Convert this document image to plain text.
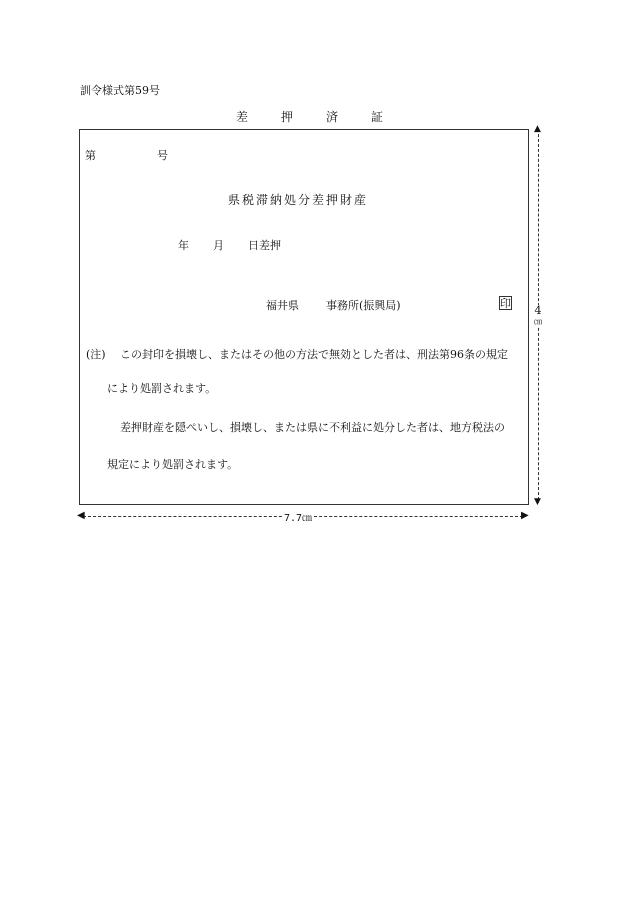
訓令様式第59号
差	押	済	証
第	号
県税滞納処分差押財産
年 月 日差押
福井県 事務所(振興局)	印
(注) この封印を損壊し、またはその他の方法で無効とした者は、刑法第96条の規定
により処罰されます。
差押財産を隠ぺいし、損壊し、または県に不利益に処分した者は、地方税法の
規定により処罰されます。
◀	▶
7.7㎝
▲
▼
4
㎝
